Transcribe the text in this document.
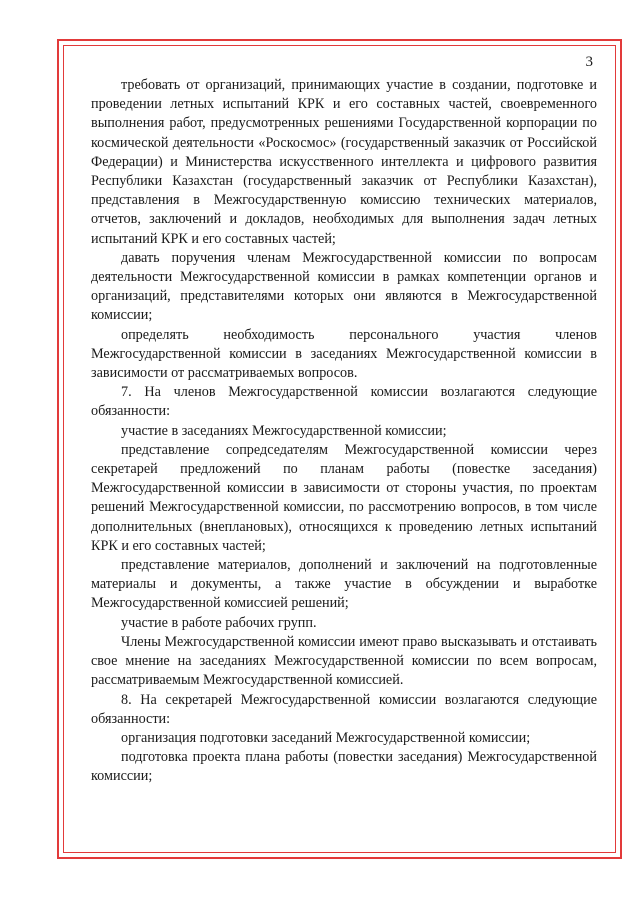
3

требовать от организаций, принимающих участие в создании, подготовке и проведении летных испытаний КРК и его составных частей, своевременного выполнения работ, предусмотренных решениями Государственной корпорации по космической деятельности «Роскосмос» (государственный заказчик от Российской Федерации) и Министерства искусственного интеллекта и цифрового развития Республики Казахстан (государственный заказчик от Республики Казахстан), представления в Межгосударственную комиссию технических материалов, отчетов, заключений и докладов, необходимых для выполнения задач летных испытаний КРК и его составных частей;

давать поручения членам Межгосударственной комиссии по вопросам деятельности Межгосударственной комиссии в рамках компетенции органов и организаций, представителями которых они являются в Межгосударственной комиссии;

определять необходимость персонального участия членов Межгосударственной комиссии в заседаниях Межгосударственной комиссии в зависимости от рассматриваемых вопросов.

7. На членов Межгосударственной комиссии возлагаются следующие обязанности:

участие в заседаниях Межгосударственной комиссии;

представление сопредседателям Межгосударственной комиссии через секретарей предложений по планам работы (повестке заседания) Межгосударственной комиссии в зависимости от стороны участия, по проектам решений Межгосударственной комиссии, по рассмотрению вопросов, в том числе дополнительных (внеплановых), относящихся к проведению летных испытаний КРК и его составных частей;

представление материалов, дополнений и заключений на подготовленные материалы и документы, а также участие в обсуждении и выработке Межгосударственной комиссией решений;

участие в работе рабочих групп.

Члены Межгосударственной комиссии имеют право высказывать и отстаивать свое мнение на заседаниях Межгосударственной комиссии по всем вопросам, рассматриваемым Межгосударственной комиссией.

8. На секретарей Межгосударственной комиссии возлагаются следующие обязанности:

организация подготовки заседаний Межгосударственной комиссии;

подготовка проекта плана работы (повестки заседания) Межгосударственной комиссии;
